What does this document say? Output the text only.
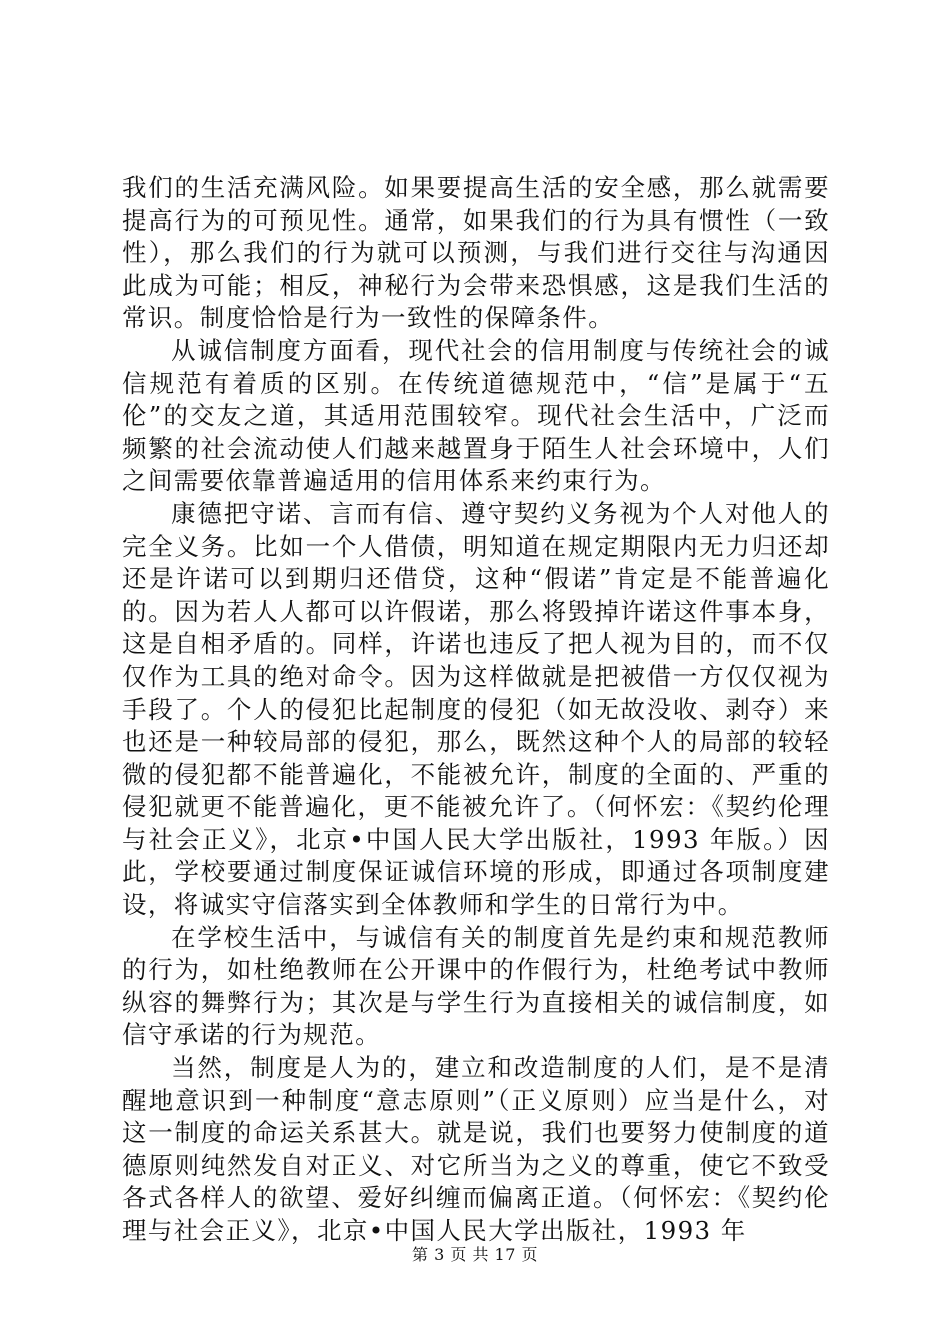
我们的生活充满风险。如果要提高生活的安全感，那么就需要提高行为的可预见性。通常，如果我们的行为具有惯性（一致性），那么我们的行为就可以预测，与我们进行交往与沟通因此成为可能；相反，神秘行为会带来恐惧感，这是我们生活的常识。制度恰恰是行为一致性的保障条件。

从诚信制度方面看，现代社会的信用制度与传统社会的诚信规范有着质的区别。在传统道德规范中，“信”是属于“五伦”的交友之道，其适用范围较窄。现代社会生活中，广泛而频繁的社会流动使人们越来越置身于陌生人社会环境中，人们之间需要依靠普遍适用的信用体系来约束行为。

康德把守诺、言而有信、遵守契约义务视为个人对他人的完全义务。比如一个人借债，明知道在规定期限内无力归还却还是许诺可以到期归还借贷，这种“假诺”肯定是不能普遍化的。因为若人人都可以许假诺，那么将毁掉许诺这件事本身，这是自相矛盾的。同样，许诺也违反了把人视为目的，而不仅仅作为工具的绝对命令。因为这样做就是把被借一方仅仅视为手段了。个人的侵犯比起制度的侵犯（如无故没收、剥夺）来也还是一种较局部的侵犯，那么，既然这种个人的局部的较轻微的侵犯都不能普遍化，不能被允许，制度的全面的、严重的侵犯就更不能普遍化，更不能被允许了。（何怀宏：《契约伦理与社会正义》，北京•中国人民大学出版社，1993 年版。）因此，学校要通过制度保证诚信环境的形成，即通过各项制度建设，将诚实守信落实到全体教师和学生的日常行为中。

在学校生活中，与诚信有关的制度首先是约束和规范教师的行为，如杜绝教师在公开课中的作假行为，杜绝考试中教师纵容的舞弊行为；其次是与学生行为直接相关的诚信制度，如信守承诺的行为规范。

当然，制度是人为的，建立和改造制度的人们，是不是清醒地意识到一种制度“意志原则”（正义原则）应当是什么，对这一制度的命运关系甚大。就是说，我们也要努力使制度的道德原则纯然发自对正义、对它所当为之义的尊重，使它不致受各式各样人的欲望、爱好纠缠而偏离正道。（何怀宏：《契约伦理与社会正义》，北京•中国人民大学出版社，1993 年

第 3 页 共 17 页
